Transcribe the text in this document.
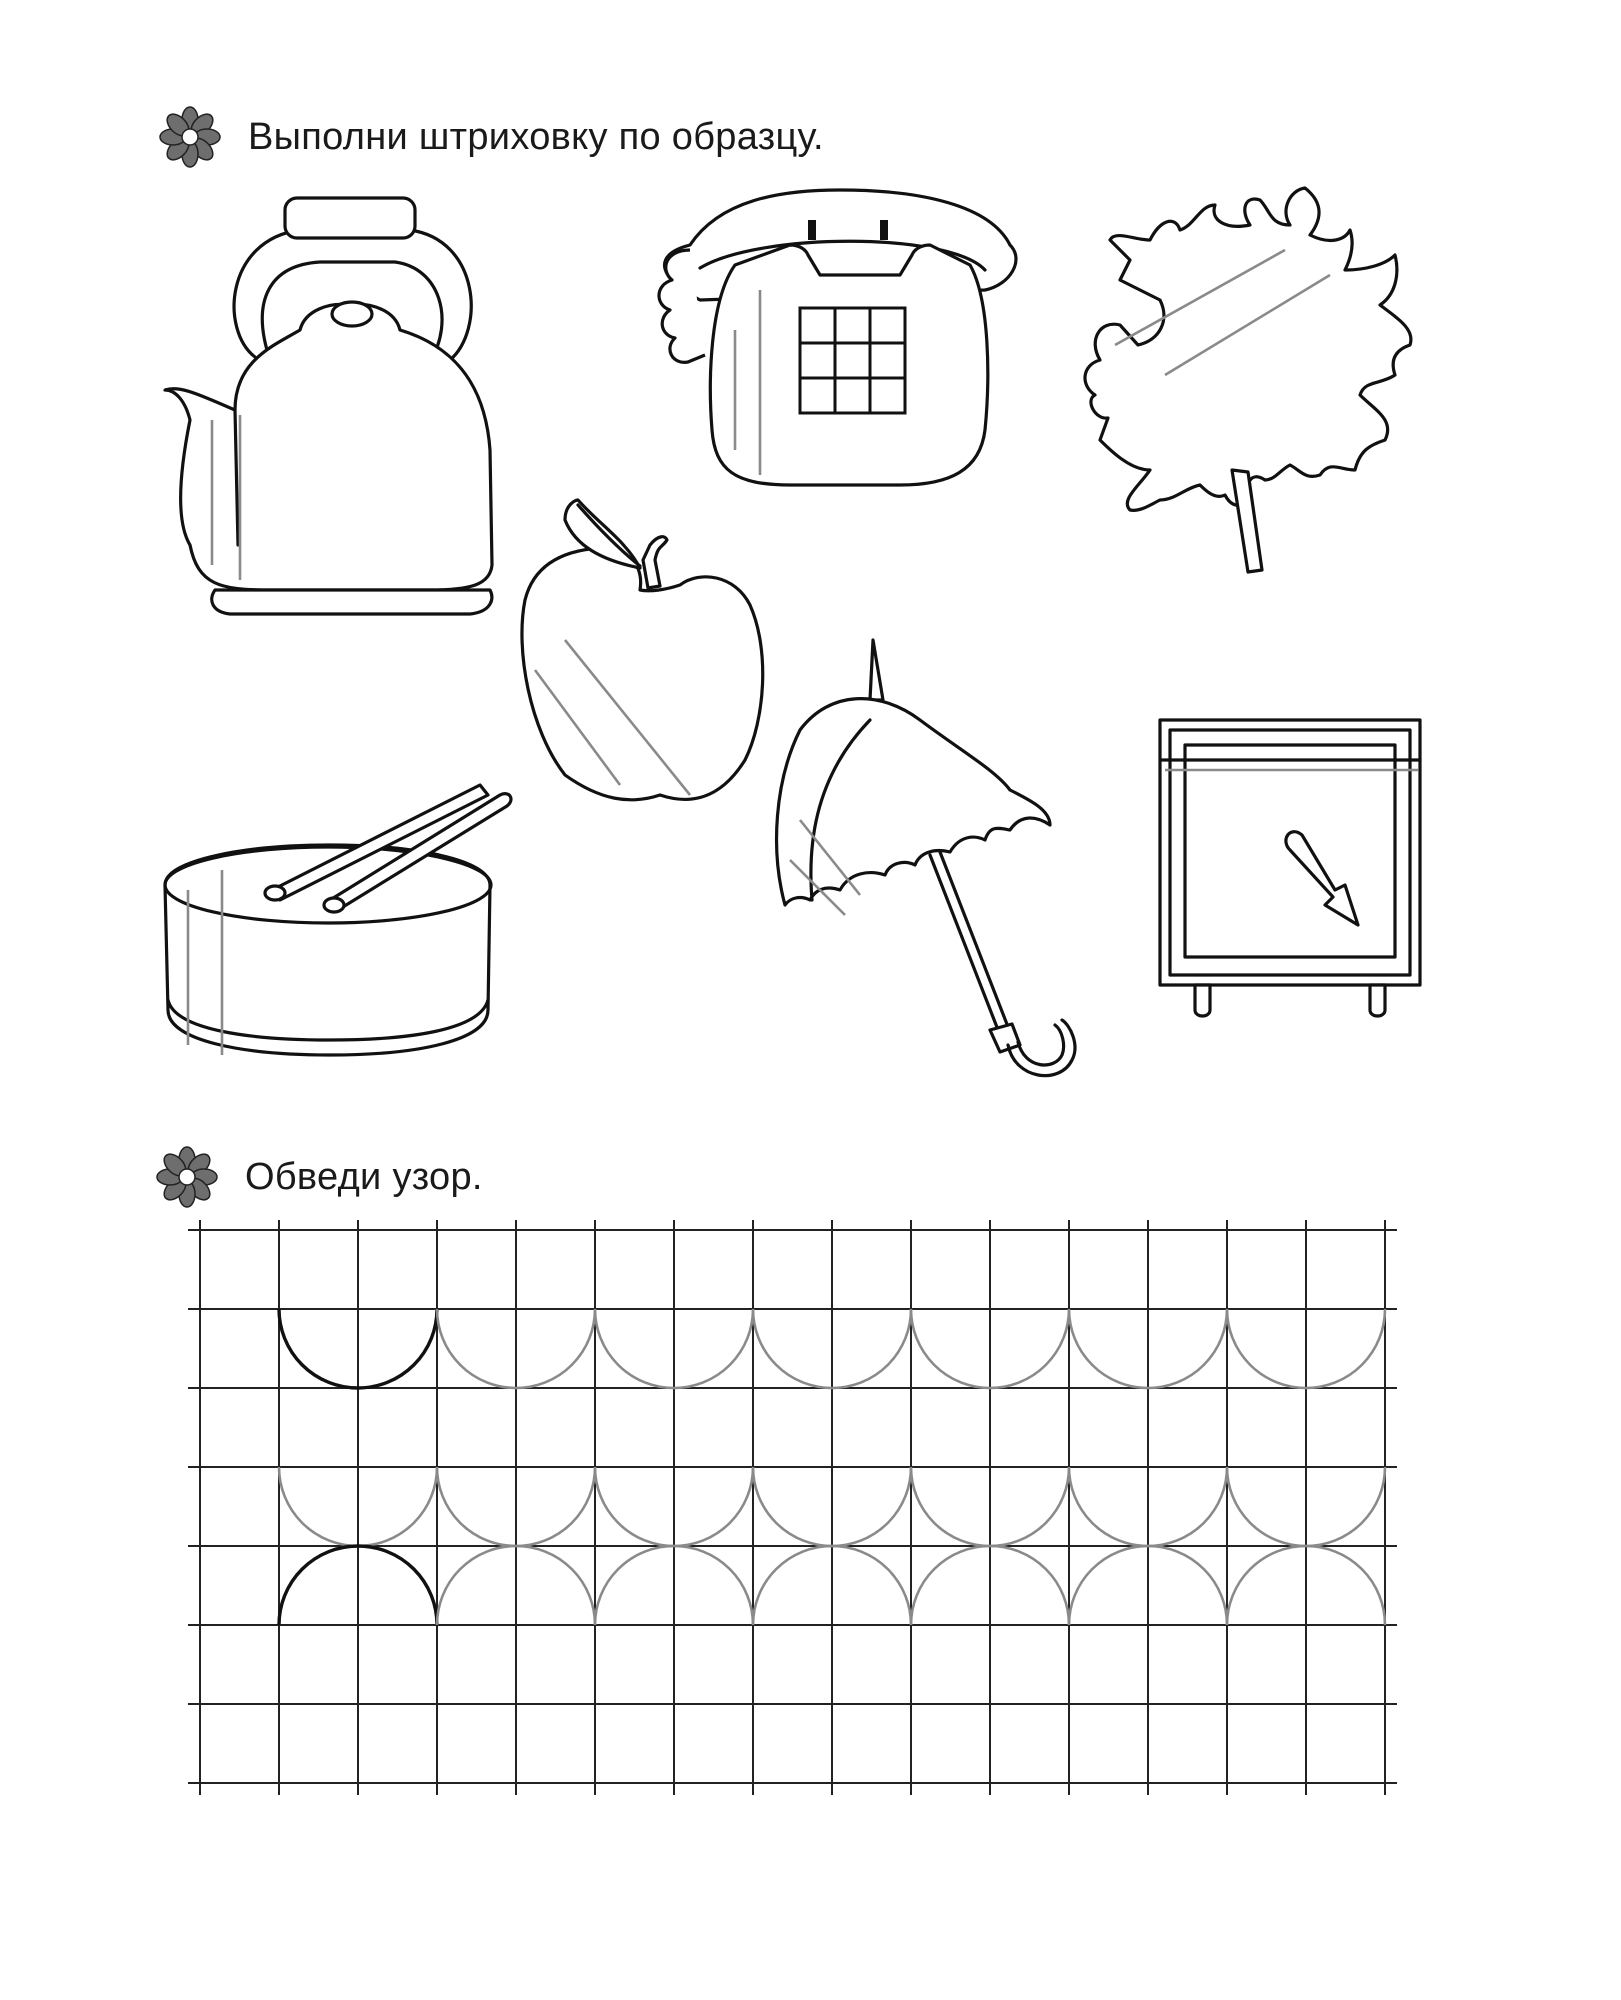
Выполни штриховку по образцу.
Обведи узор.
